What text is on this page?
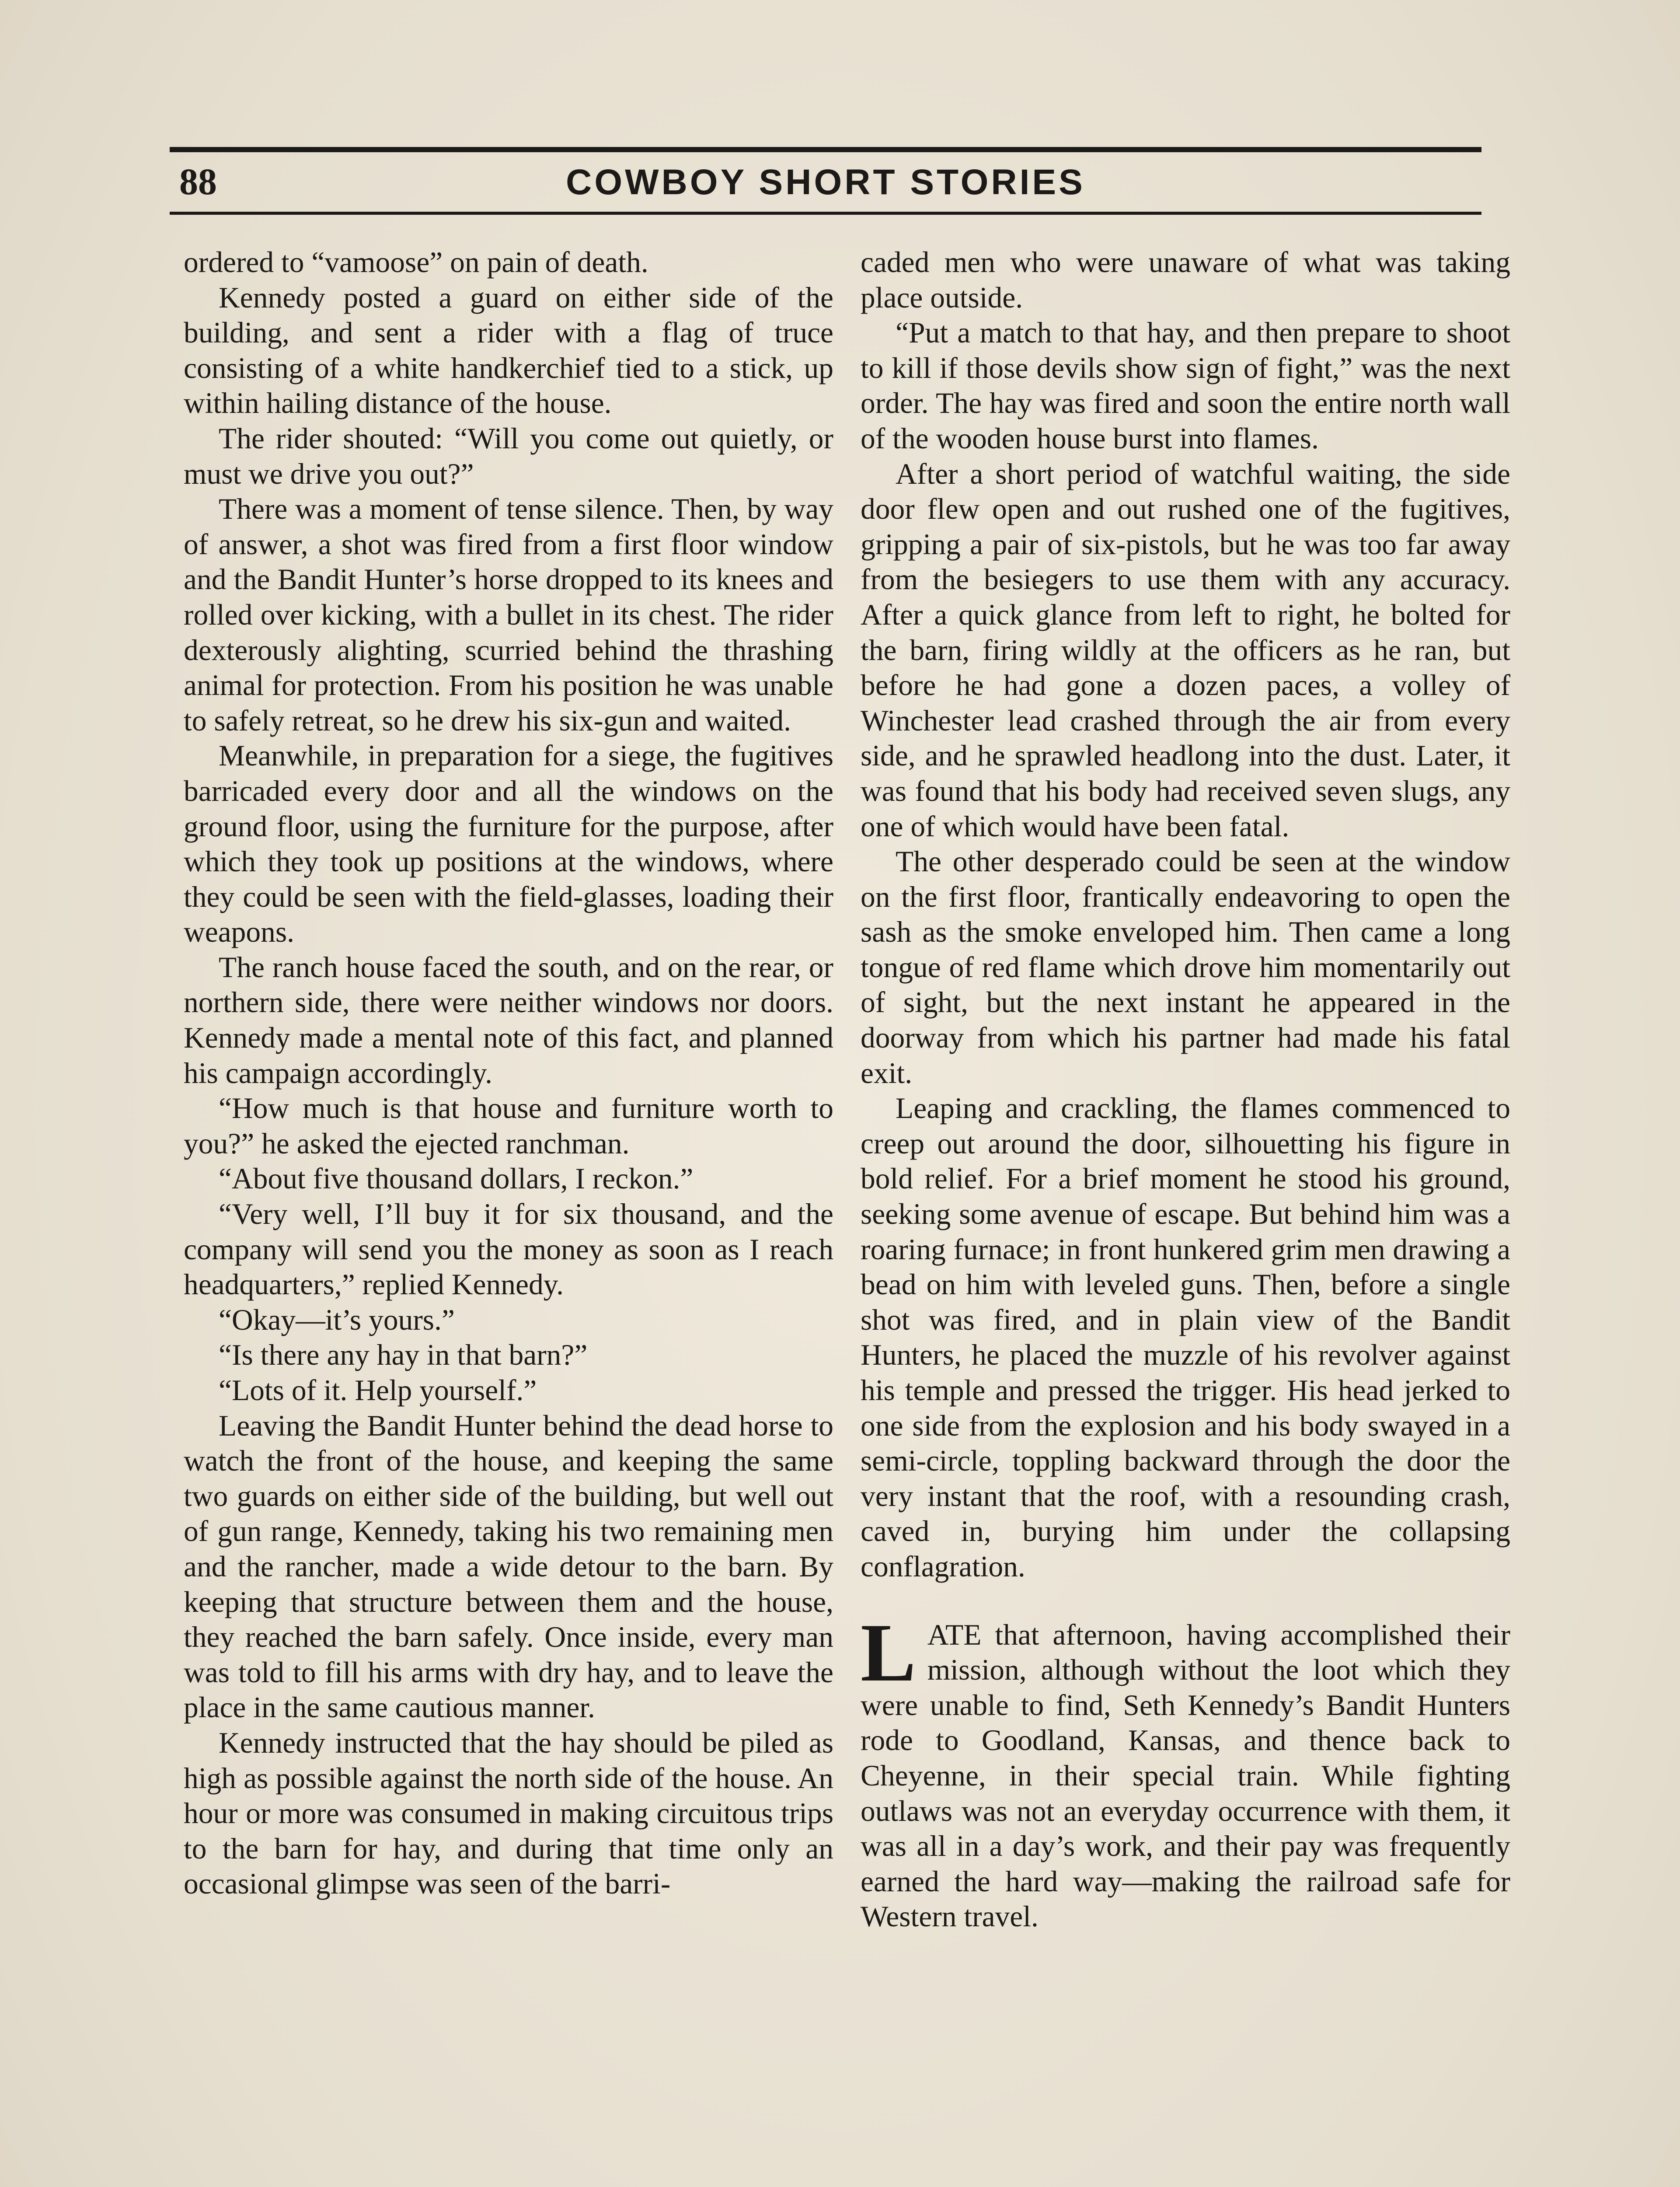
88	COWBOY SHORT STORIES

ordered to “vamoose” on pain of death.

Kennedy posted a guard on either side of the building, and sent a rider with a flag of truce consisting of a white handkerchief tied to a stick, up within hailing distance of the house.

The rider shouted: “Will you come out quietly, or must we drive you out?”

There was a moment of tense silence. Then, by way of answer, a shot was fired from a first floor window and the Bandit Hunter’s horse dropped to its knees and rolled over kicking, with a bullet in its chest. The rider dexterously alighting, scurried behind the thrashing animal for protection. From his position he was unable to safely retreat, so he drew his six-gun and waited.

Meanwhile, in preparation for a siege, the fugitives barricaded every door and all the windows on the ground floor, using the furniture for the purpose, after which they took up positions at the windows, where they could be seen with the field-glasses, loading their weapons.

The ranch house faced the south, and on the rear, or northern side, there were neither windows nor doors. Kennedy made a mental note of this fact, and planned his campaign accordingly.

“How much is that house and furniture worth to you?” he asked the ejected ranchman.

“About five thousand dollars, I reckon.”

“Very well, I’ll buy it for six thousand, and the company will send you the money as soon as I reach headquarters,” replied Kennedy.

“Okay—it’s yours.”

“Is there any hay in that barn?”

“Lots of it. Help yourself.”

Leaving the Bandit Hunter behind the dead horse to watch the front of the house, and keeping the same two guards on either side of the building, but well out of gun range, Kennedy, taking his two remaining men and the rancher, made a wide detour to the barn. By keeping that structure between them and the house, they reached the barn safely. Once inside, every man was told to fill his arms with dry hay, and to leave the place in the same cautious manner.

Kennedy instructed that the hay should be piled as high as possible against the north side of the house. An hour or more was consumed in making circuitous trips to the barn for hay, and during that time only an occasional glimpse was seen of the barri-

caded men who were unaware of what was taking place outside.

“Put a match to that hay, and then prepare to shoot to kill if those devils show sign of fight,” was the next order. The hay was fired and soon the entire north wall of the wooden house burst into flames.

After a short period of watchful waiting, the side door flew open and out rushed one of the fugitives, gripping a pair of six-pistols, but he was too far away from the besiegers to use them with any accuracy. After a quick glance from left to right, he bolted for the barn, firing wildly at the officers as he ran, but before he had gone a dozen paces, a volley of Winchester lead crashed through the air from every side, and he sprawled headlong into the dust. Later, it was found that his body had received seven slugs, any one of which would have been fatal.

The other desperado could be seen at the window on the first floor, frantically endeavoring to open the sash as the smoke enveloped him. Then came a long tongue of red flame which drove him momentarily out of sight, but the next instant he appeared in the doorway from which his partner had made his fatal exit.

Leaping and crackling, the flames commenced to creep out around the door, silhouetting his figure in bold relief. For a brief moment he stood his ground, seeking some avenue of escape. But behind him was a roaring furnace; in front hunkered grim men drawing a bead on him with leveled guns. Then, before a single shot was fired, and in plain view of the Bandit Hunters, he placed the muzzle of his revolver against his temple and pressed the trigger. His head jerked to one side from the explosion and his body swayed in a semi-circle, toppling backward through the door the very instant that the roof, with a resounding crash, caved in, burying him under the collapsing conflagration.

LATE that afternoon, having accomplished their mission, although without the loot which they were unable to find, Seth Kennedy’s Bandit Hunters rode to Goodland, Kansas, and thence back to Cheyenne, in their special train. While fighting outlaws was not an everyday occurrence with them, it was all in a day’s work, and their pay was frequently earned the hard way—making the railroad safe for Western travel.
